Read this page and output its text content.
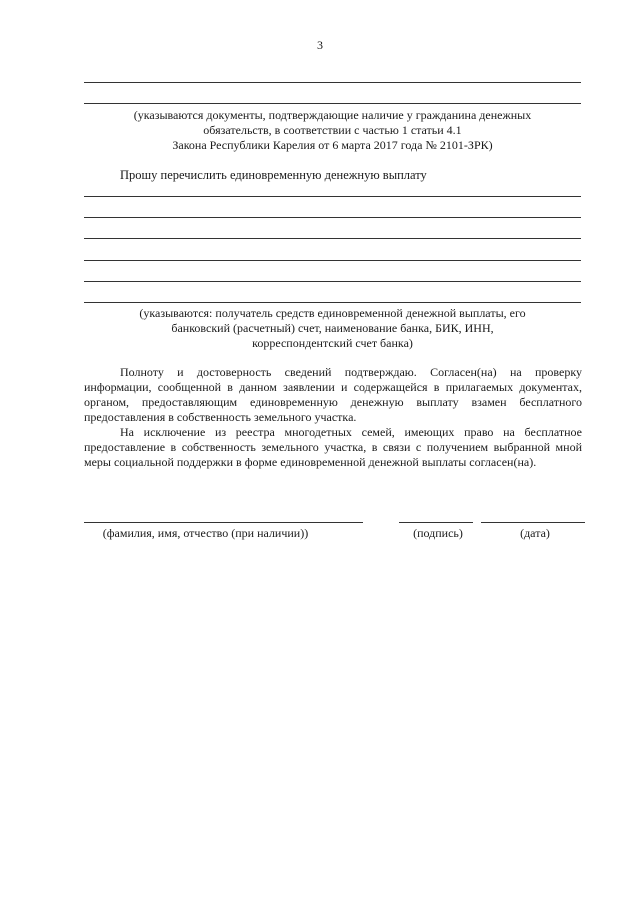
3
(указываются документы, подтверждающие наличие у гражданина денежных
обязательств, в соответствии с частью 1 статьи 4.1
Закона Республики Карелия от 6 марта 2017 года № 2101-ЗРК)
Прошу перечислить единовременную денежную выплату
(указываются: получатель средств единовременной денежной выплаты, его
банковский (расчетный) счет, наименование банка, БИК, ИНН,
корреспондентский счет банка)
Полноту и достоверность сведений подтверждаю. Согласен(на) на проверку
информации, сообщенной в данном заявлении и содержащейся в прилагаемых документах,
органом, предоставляющим единовременную денежную выплату взамен бесплатного
предоставления в собственность земельного участка.
На исключение из реестра многодетных семей, имеющих право на бесплатное
предоставление в собственность земельного участка, в связи с получением выбранной мной
меры социальной поддержки в форме единовременной денежной выплаты согласен(на).
(фамилия, имя, отчество (при наличии))	(подпись)	(дата)
